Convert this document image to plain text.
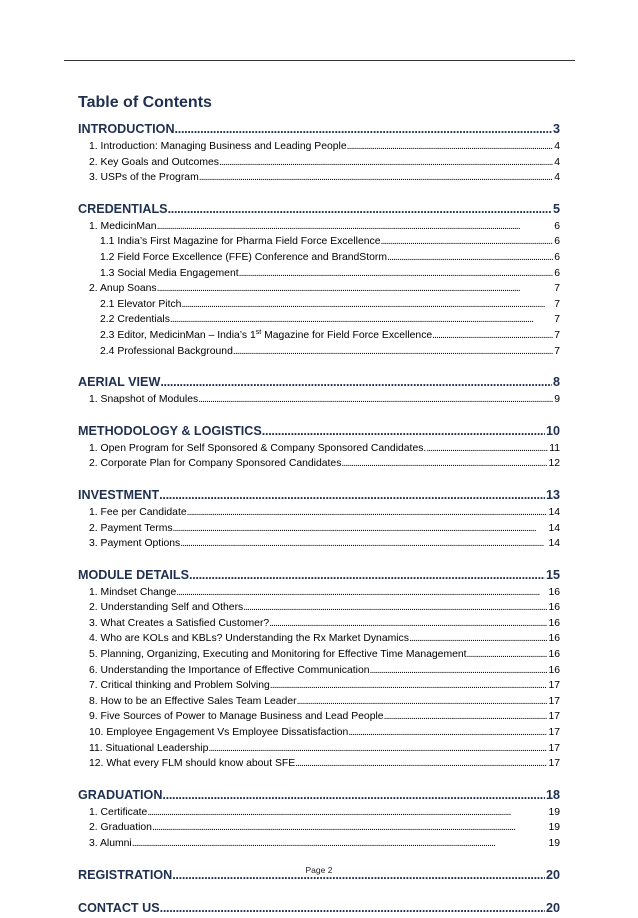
Table of Contents
INTRODUCTION . . .	3
1. Introduction: Managing Business and Leading People . . .	4
2. Key Goals and Outcomes . . .	4
3. USPs of the Program . . .	4
CREDENTIALS . . .	5
1. MedicinMan . . .	6
1.1 India’s First Magazine for Pharma Field Force Excellence . . .	6
1.2 Field Force Excellence (FFE) Conference and BrandStorm . . .	6
1.3 Social Media Engagement . . .	6
2. Anup Soans . . .	7
2.1 Elevator Pitch . . .	7
2.2 Credentials . . .	7
2.3 Editor, MedicinMan – India’s 1st Magazine for Field Force Excellence . . .	7
2.4 Professional Background . . .	7
AERIAL VIEW . . .	8
1. Snapshot of Modules . . .	9
METHODOLOGY & LOGISTICS . . .	10
1. Open Program for Self Sponsored & Company Sponsored Candidates. . . .	11
2. Corporate Plan for Company Sponsored Candidates . . .	12
INVESTMENT . . .	13
1. Fee per Candidate . . .	14
2. Payment Terms . . .	14
3. Payment Options . . .	14
MODULE DETAILS . . .	15
1. Mindset Change . . .	16
2. Understanding Self and Others . . .	16
3. What Creates a Satisfied Customer? . . .	16
4. Who are KOLs and KBLs? Understanding the Rx Market Dynamics . . .	16
5. Planning, Organizing, Executing and Monitoring for Effective Time Management . . .	16
6. Understanding the Importance of Effective Communication . . .	16
7. Critical thinking and Problem Solving . . .	17
8. How to be an Effective Sales Team Leader . . .	17
9. Five Sources of Power to Manage Business and Lead People . . .	17
10. Employee Engagement Vs Employee Dissatisfaction . . .	17
11. Situational Leadership . . .	17
12. What every FLM should know about SFE . . .	17
GRADUATION . . .	18
1. Certificate . . .	19
2. Graduation . . .	19
3. Alumni . . .	19
REGISTRATION . . .	20
CONTACT US . . .	20
Page 2
